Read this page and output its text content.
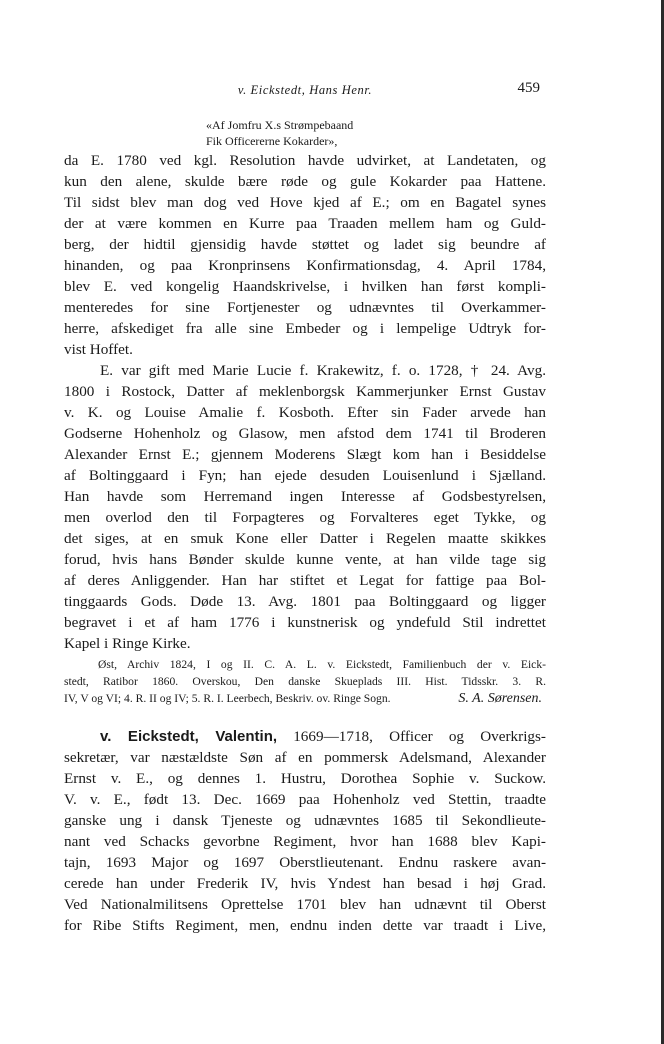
v. Eickstedt, Hans Henr.	459
«Af Jomfru X.s Strømpebaand
Fik Officererne Kokarder»,
da E. 1780 ved kgl. Resolution havde udvirket, at Landetaten, og
kun den alene, skulde bære røde og gule Kokarder paa Hattene.
Til sidst blev man dog ved Hove kjed af E.; om en Bagatel synes
der at være kommen en Kurre paa Traaden mellem ham og Guld-
berg, der hidtil gjensidig havde støttet og ladet sig beundre af
hinanden, og paa Kronprinsens Konfirmationsdag, 4. April 1784,
blev E. ved kongelig Haandskrivelse, i hvilken han først kompli-
menteredes for sine Fortjenester og udnævntes til Overkammer-
herre, afskediget fra alle sine Embeder og i lempelige Udtryk for-
vist Hoffet.
E. var gift med Marie Lucie f. Krakewitz, f. o. 1728, † 24. Avg.
1800 i Rostock, Datter af meklenborgsk Kammerjunker Ernst Gustav
v. K. og Louise Amalie f. Kosboth. Efter sin Fader arvede han
Godserne Hohenholz og Glasow, men afstod dem 1741 til Broderen
Alexander Ernst E.; gjennem Moderens Slægt kom han i Besiddelse
af Boltinggaard i Fyn; han ejede desuden Louisenlund i Sjælland.
Han havde som Herremand ingen Interesse af Godsbestyrelsen,
men overlod den til Forpagteres og Forvalteres eget Tykke, og
det siges, at en smuk Kone eller Datter i Regelen maatte skikkes
forud, hvis hans Bønder skulde kunne vente, at han vilde tage sig
af deres Anliggender. Han har stiftet et Legat for fattige paa Bol-
tinggaards Gods. Døde 13. Avg. 1801 paa Boltinggaard og ligger
begravet i et af ham 1776 i kunstnerisk og yndefuld Stil indrettet
Kapel i Ringe Kirke.
Øst, Archiv 1824, I og II. C. A. L. v. Eickstedt, Familienbuch der v. Eick-
stedt, Ratibor 1860. Overskou, Den danske Skueplads III. Hist. Tidsskr. 3. R.
IV, V og VI; 4. R. II og IV; 5. R. I. Leerbech, Beskriv. ov. Ringe Sogn.	S. A. Sørensen.
v. Eickstedt, Valentin, 1669—1718, Officer og Overkrigs-
sekretær, var næstældste Søn af en pommersk Adelsmand, Alexander
Ernst v. E., og dennes 1. Hustru, Dorothea Sophie v. Suckow.
V. v. E., født 13. Dec. 1669 paa Hohenholz ved Stettin, traadte
ganske ung i dansk Tjeneste og udnævntes 1685 til Sekondlieute-
nant ved Schacks gevorbne Regiment, hvor han 1688 blev Kapi-
tajn, 1693 Major og 1697 Oberstlieutenant. Endnu raskere avan-
cerede han under Frederik IV, hvis Yndest han besad i høj Grad.
Ved Nationalmilitsens Oprettelse 1701 blev han udnævnt til Oberst
for Ribe Stifts Regiment, men, endnu inden dette var traadt i Live,
